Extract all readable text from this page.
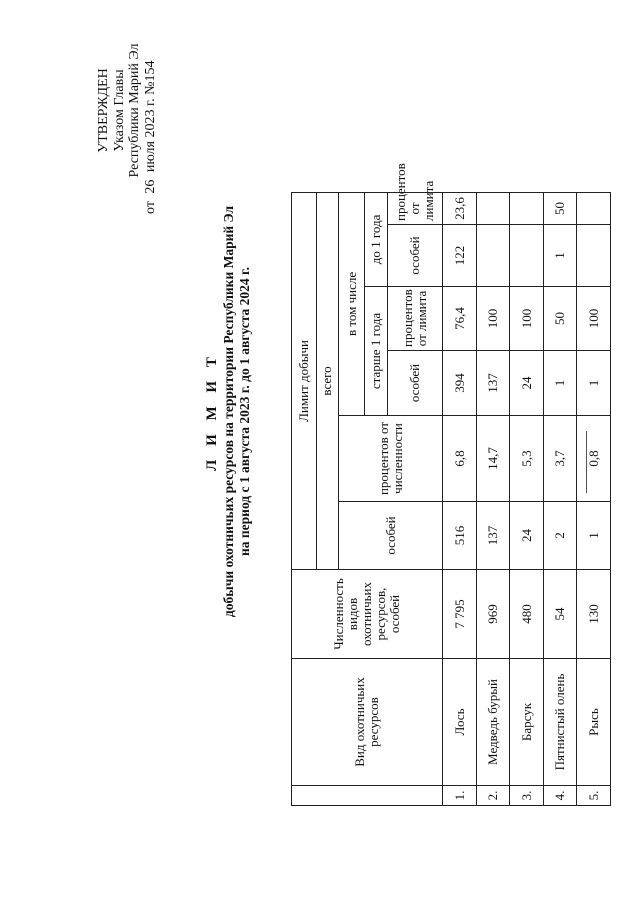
УТВЕРЖДЕН Указом Главы Республики Марий Эл
от 26 июля 2023 г. №154
Л И М И Т добычи охотничьих ресурсов на территории Республики Марий Эл на период с 1 августа 2023 г. до 1 августа 2024 г.
	Вид охотничьих ресурсов	Численность видов охотничьих ресурсов, особей	Лимит добычи						
			всего						
			особей	процентов от численности	в том числе				
					старше 1 года		до 1 года		
					особей	процентов от лимита	особей	процентов от лимита	
1.	Лось	7 795	516	6,8	394	76,4	122	23,6	
2.	Медведь бурый	969	137	14,7	137	100			
3.	Барсук	480	24	5,3	24	100			
4.	Пятнистый олень	54	2	3,7	1	50	1	50	
5.	Рысь	130	1	0,8	1	100			
